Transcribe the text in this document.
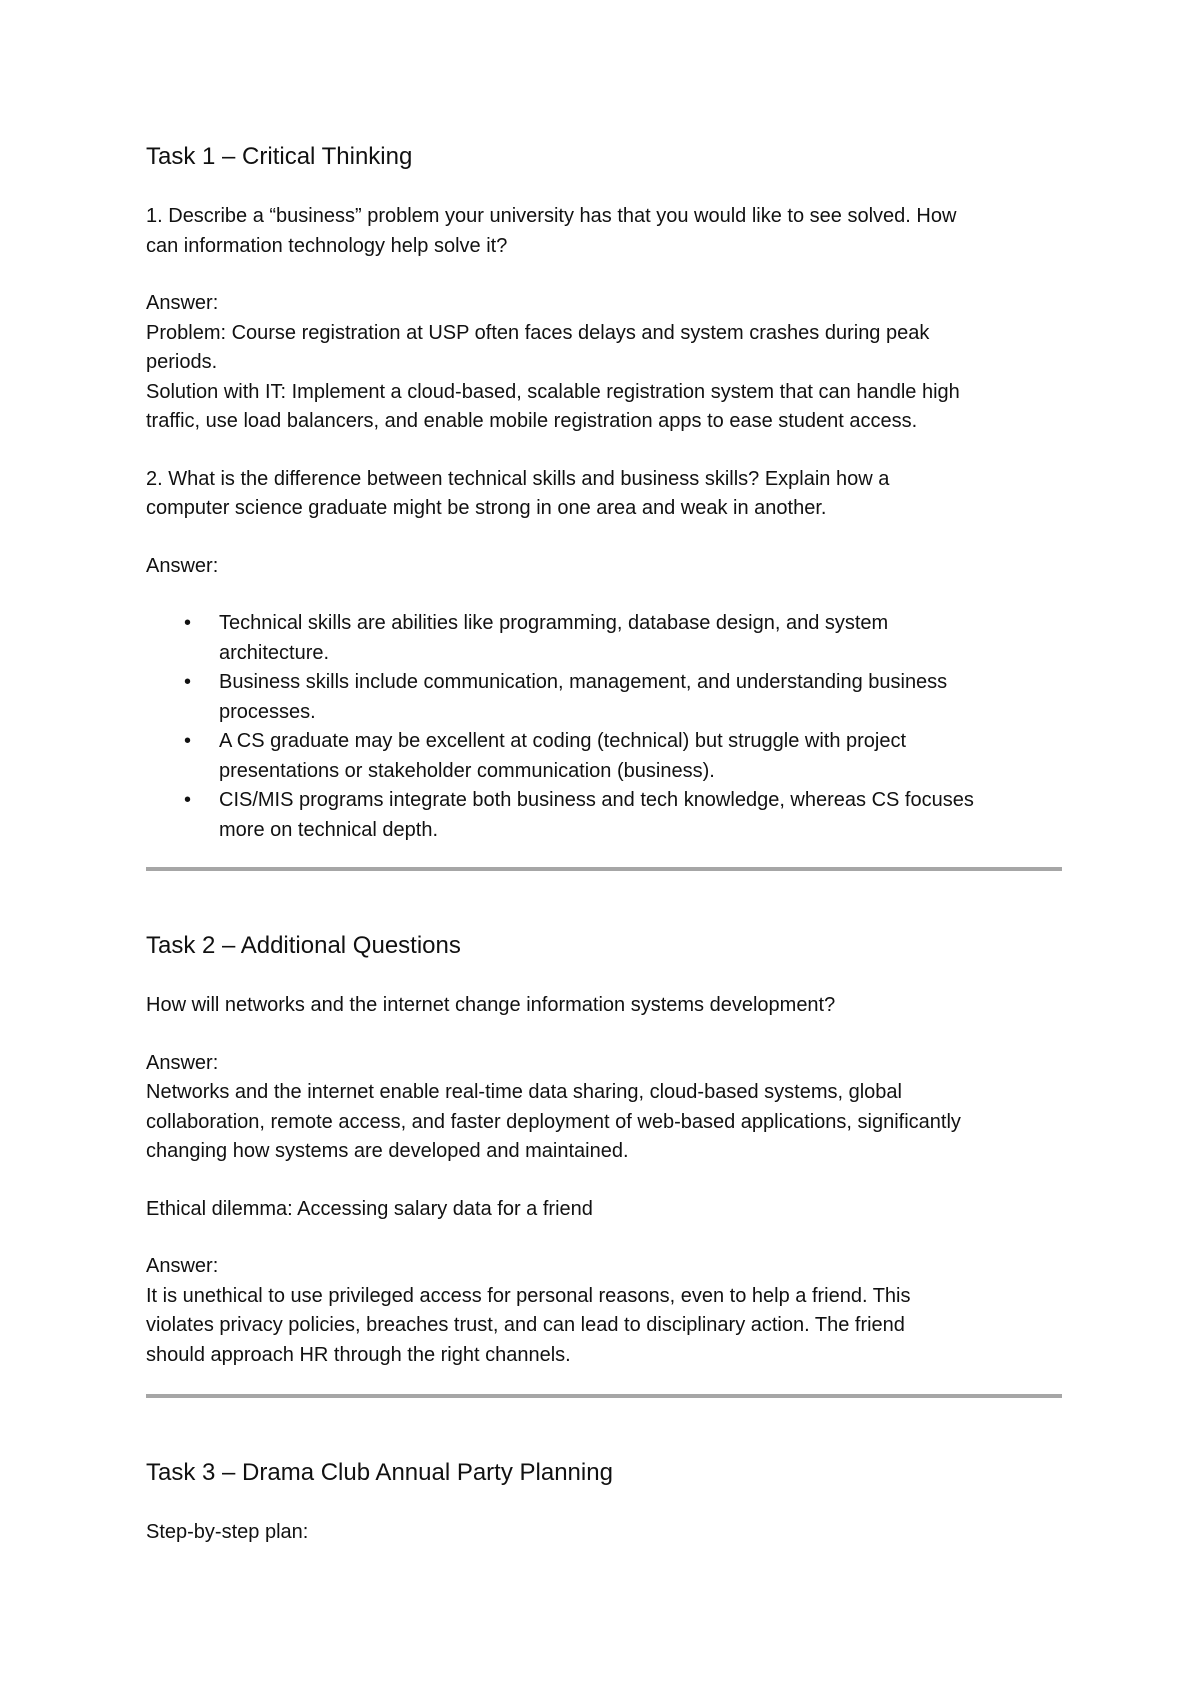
Task 1 – Critical Thinking

1. Describe a “business” problem your university has that you would like to see solved. How
can information technology help solve it?

Answer:

Problem: Course registration at USP often faces delays and system crashes during peak
periods.

Solution with IT: Implement a cloud-based, scalable registration system that can handle high
traffic, use load balancers, and enable mobile registration apps to ease student access.

2. What is the difference between technical skills and business skills? Explain how a
computer science graduate might be strong in one area and weak in another.

Answer:

• Technical skills are abilities like programming, database design, and system
architecture.
• Business skills include communication, management, and understanding business
processes.
• A CS graduate may be excellent at coding (technical) but struggle with project
presentations or stakeholder communication (business).
• CIS/MIS programs integrate both business and tech knowledge, whereas CS focuses
more on technical depth.
Task 2 – Additional Questions

How will networks and the internet change information systems development?

Answer:

Networks and the internet enable real-time data sharing, cloud-based systems, global
collaboration, remote access, and faster deployment of web-based applications, significantly
changing how systems are developed and maintained.

Ethical dilemma: Accessing salary data for a friend

Answer:

It is unethical to use privileged access for personal reasons, even to help a friend. This
violates privacy policies, breaches trust, and can lead to disciplinary action. The friend
should approach HR through the right channels.

Task 3 – Drama Club Annual Party Planning

Step-by-step plan:
